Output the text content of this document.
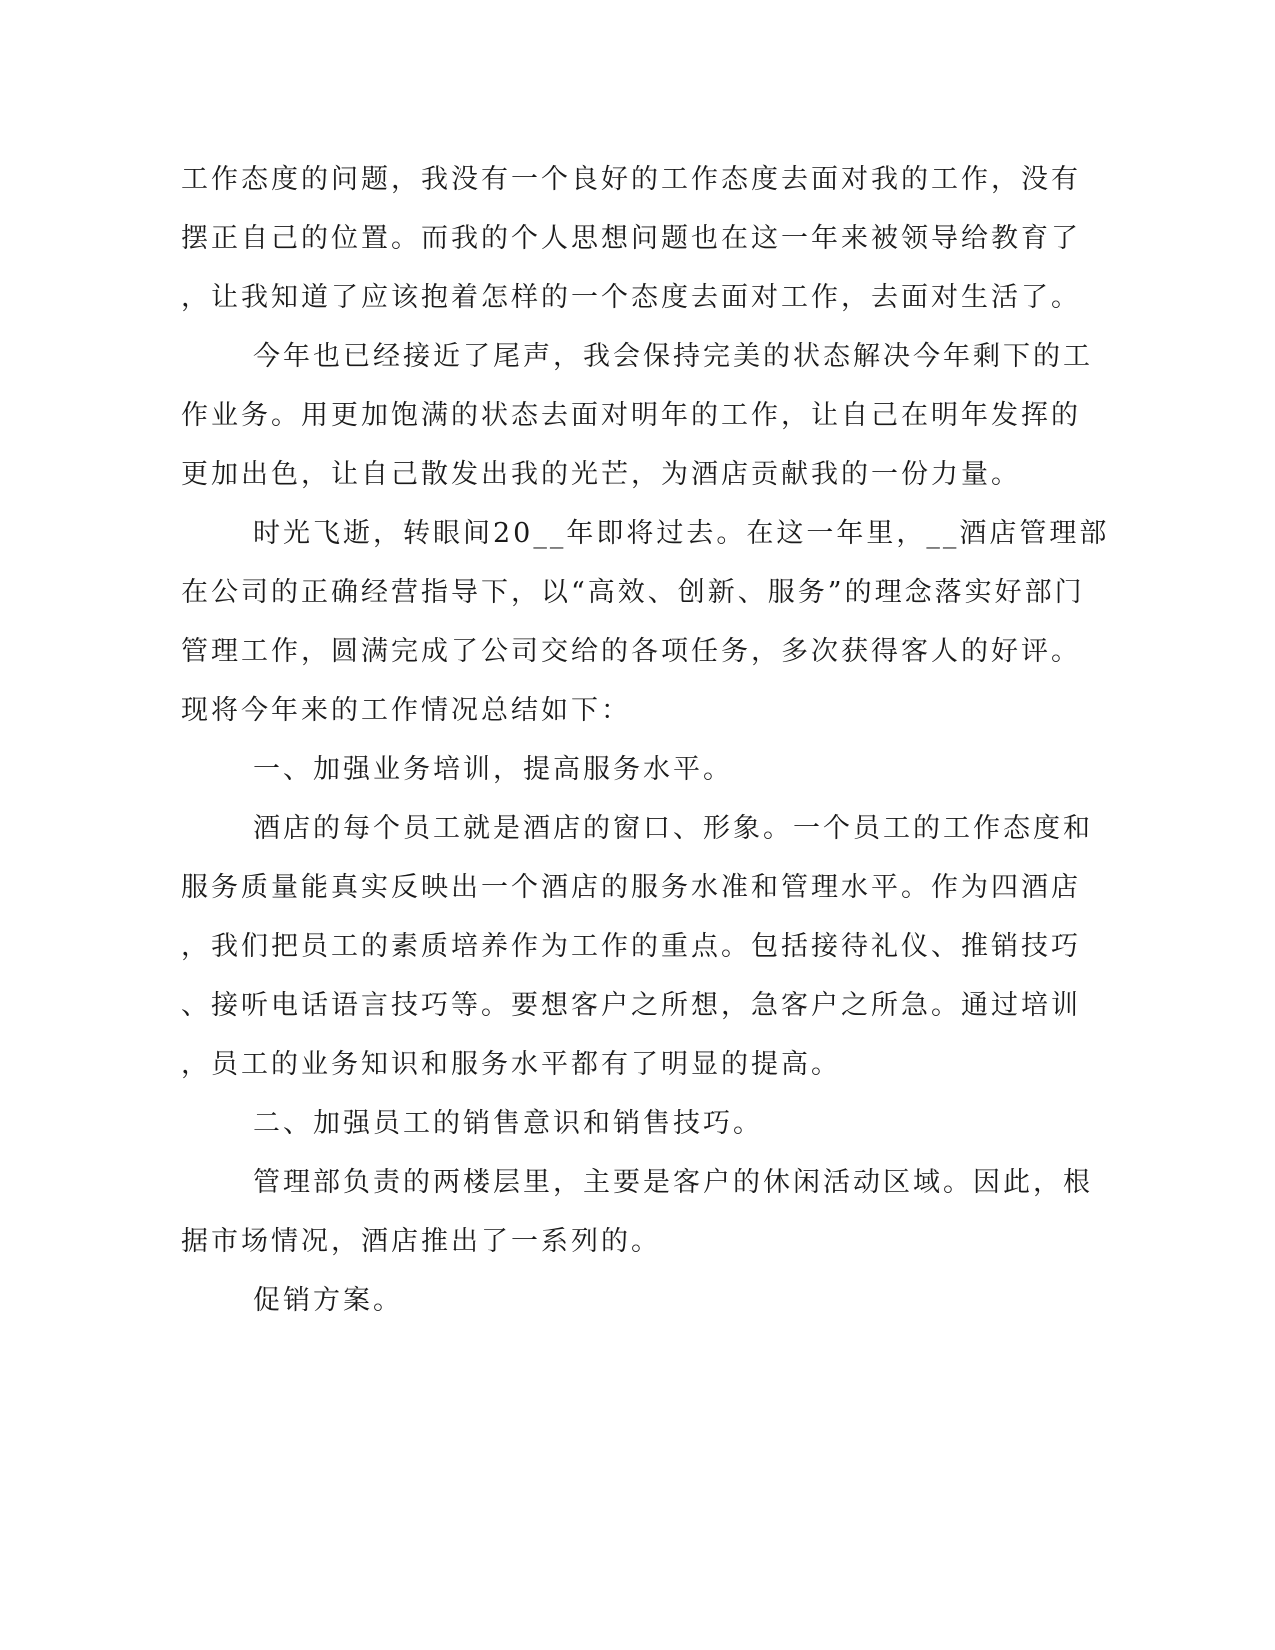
工作态度的问题，我没有一个良好的工作态度去面对我的工作，没有

摆正自己的位置。而我的个人思想问题也在这一年来被领导给教育了

，让我知道了应该抱着怎样的一个态度去面对工作，去面对生活了。

今年也已经接近了尾声，我会保持完美的状态解决今年剩下的工

作业务。用更加饱满的状态去面对明年的工作，让自己在明年发挥的

更加出色，让自己散发出我的光芒，为酒店贡献我的一份力量。

时光飞逝，转眼间20__年即将过去。在这一年里，__酒店管理部

在公司的正确经营指导下，以“高效、创新、服务”的理念落实好部门

管理工作，圆满完成了公司交给的各项任务，多次获得客人的好评。

现将今年来的工作情况总结如下：

一、加强业务培训，提高服务水平。

酒店的每个员工就是酒店的窗口、形象。一个员工的工作态度和

服务质量能真实反映出一个酒店的服务水准和管理水平。作为四酒店

，我们把员工的素质培养作为工作的重点。包括接待礼仪、推销技巧

、接听电话语言技巧等。要想客户之所想，急客户之所急。通过培训

，员工的业务知识和服务水平都有了明显的提高。

二、加强员工的销售意识和销售技巧。

管理部负责的两楼层里，主要是客户的休闲活动区域。因此，根

据市场情况，酒店推出了一系列的。

促销方案。
